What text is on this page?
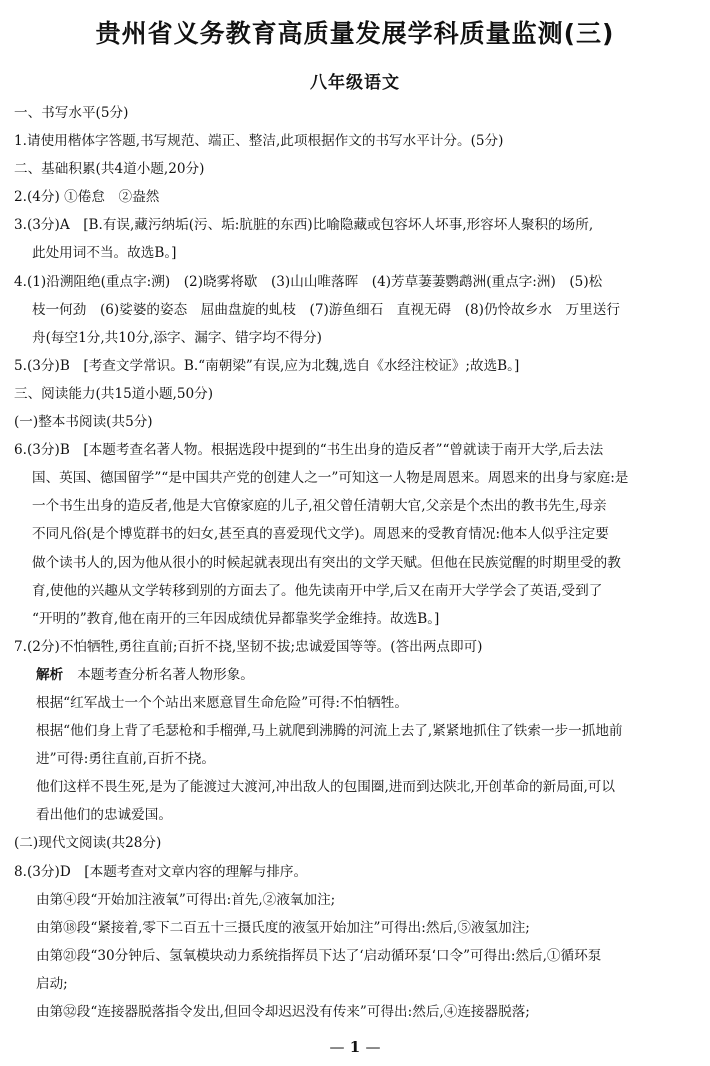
贵州省义务教育高质量发展学科质量监测(三)
八年级语文
一、书写水平(5分)
1.请使用楷体字答题,书写规范、端正、整洁,此项根据作文的书写水平计分。(5分)
二、基础积累(共4道小题,20分)
2.(4分) ①倦怠　②盎然
3.(3分)A　[B.有误,藏污纳垢(污、垢:肮脏的东西)比喻隐藏或包容坏人坏事,形容坏人聚积的场所,
此处用词不当。故选B。]
4.(1)沿溯阻绝(重点字:溯)　(2)晓雾将歇　(3)山山唯落晖　(4)芳草萋萋鹦鹉洲(重点字:洲)　(5)松
枝一何劲　(6)娑婆的姿态　屈曲盘旋的虬枝　(7)游鱼细石　直视无碍　(8)仍怜故乡水　万里送行
舟(每空1分,共10分,添字、漏字、错字均不得分)
5.(3分)B　[考查文学常识。B.“南朝梁”有误,应为北魏,选自《水经注校证》;故选B。]
三、阅读能力(共15道小题,50分)
(一)整本书阅读(共5分)
6.(3分)B　[本题考查名著人物。根据选段中提到的“书生出身的造反者”“曾就读于南开大学,后去法
国、英国、德国留学”“是中国共产党的创建人之一”可知这一人物是周恩来。周恩来的出身与家庭:是
一个书生出身的造反者,他是大官僚家庭的儿子,祖父曾任清朝大官,父亲是个杰出的教书先生,母亲
不同凡俗(是个博览群书的妇女,甚至真的喜爱现代文学)。周恩来的受教育情况:他本人似乎注定要
做个读书人的,因为他从很小的时候起就表现出有突出的文学天赋。但他在民族觉醒的时期里受的教
育,使他的兴趣从文学转移到别的方面去了。他先读南开中学,后又在南开大学学会了英语,受到了
“开明的”教育,他在南开的三年因成绩优异都靠奖学金维持。故选B。]
7.(2分)不怕牺牲,勇往直前;百折不挠,坚韧不拔;忠诚爱国等等。(答出两点即可)
解析 本题考查分析名著人物形象。
根据“红军战士一个个站出来愿意冒生命危险”可得:不怕牺牲。
根据“他们身上背了毛瑟枪和手榴弹,马上就爬到沸腾的河流上去了,紧紧地抓住了铁索一步一抓地前
进”可得:勇往直前,百折不挠。
他们这样不畏生死,是为了能渡过大渡河,冲出敌人的包围圈,进而到达陕北,开创革命的新局面,可以
看出他们的忠诚爱国。
(二)现代文阅读(共28分)
8.(3分)D　[本题考查对文章内容的理解与排序。
由第④段“开始加注液氧”可得出:首先,②液氧加注;
由第⑱段“紧接着,零下二百五十三摄氏度的液氢开始加注”可得出:然后,⑤液氢加注;
由第㉑段“30分钟后、氢氧模块动力系统指挥员下达了‘启动循环泵‘口令”可得出:然后,①循环泵
启动;
由第㉜段“连接器脱落指令发出,但回令却迟迟没有传来”可得出:然后,④连接器脱落;
— 1 —
